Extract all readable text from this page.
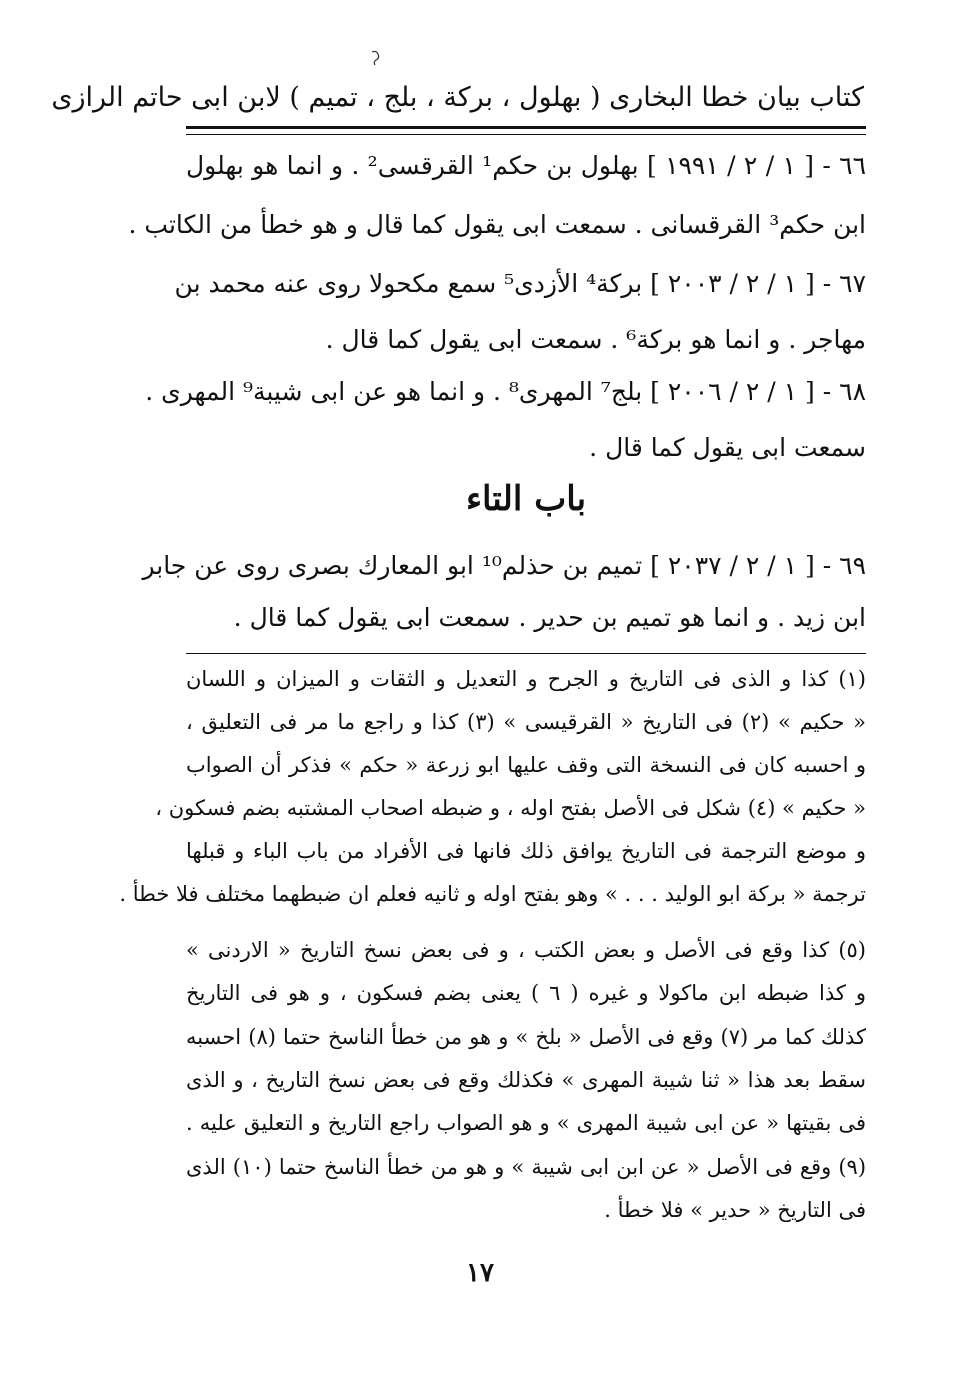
كتاب بيان خطا البخارى ( بهلول ، بركة ، بلج ، تميم ) لابن ابى حاتم الرازى
٦٦ - [ ١ / ٢ / ١٩٩١ ] بهلول بن حكم¹ القرقسى² . و انما هو بهلول
ابن حكم³ القرقسانى . سمعت ابى يقول كما قال و هو خطأ من الكاتب .
٦٧ - [ ١ / ٢ / ٢٠٠٣ ] بركة⁴ الأزدى⁵ سمع مكحولا روى عنه محمد بن
مهاجر . و انما هو بركة⁶ . سمعت ابى يقول كما قال .
٦٨ - [ ١ / ٢ / ٢٠٠٦ ] بلج⁷ المهرى⁸ . و انما هو عن ابى شيبة⁹ المهرى .
سمعت ابى يقول كما قال .
باب التاء
٦٩ - [ ١ / ٢ / ٢٠٣٧ ] تميم بن حذلم¹⁰ ابو المعارك بصرى روى عن جابر
ابن زيد . و انما هو تميم بن حدير . سمعت ابى يقول كما قال .
(١) كذا و الذى فى التاريخ و الجرح و التعديل و الثقات و الميزان و اللسان
« حكيم » (٢) فى التاريخ « القرقيسى » (٣) كذا و راجع ما مر فى التعليق ،
و احسبه كان فى النسخة التى وقف عليها ابو زرعة « حكم » فذكر أن الصواب
« حكيم » (٤) شكل فى الأصل بفتح اوله ، و ضبطه اصحاب المشتبه بضم فسكون ،
و موضع الترجمة فى التاريخ يوافق ذلك فانها فى الأفراد من باب الباء و قبلها
ترجمة « بركة ابو الوليد . . . » وهو بفتح اوله و ثانيه فعلم ان ضبطهما مختلف فلا خطأ .
(٥) كذا وقع فى الأصل و بعض الكتب ، و فى بعض نسخ التاريخ « الاردنى »
و كذا ضبطه ابن ماكولا و غيره ( ٦ ) يعنى بضم فسكون ، و هو فى التاريخ
كذلك كما مر (٧) وقع فى الأصل « بلخ » و هو من خطأ الناسخ حتما (٨) احسبه
سقط بعد هذا « ثنا شيبة المهرى » فكذلك وقع فى بعض نسخ التاريخ ، و الذى
فى بقيتها « عن ابى شيبة المهرى » و هو الصواب راجع التاريخ و التعليق عليه .
(٩) وقع فى الأصل « عن ابن ابى شيبة » و هو من خطأ الناسخ حتما (١٠) الذى
فى التاريخ « حدير » فلا خطأ .
١٧
